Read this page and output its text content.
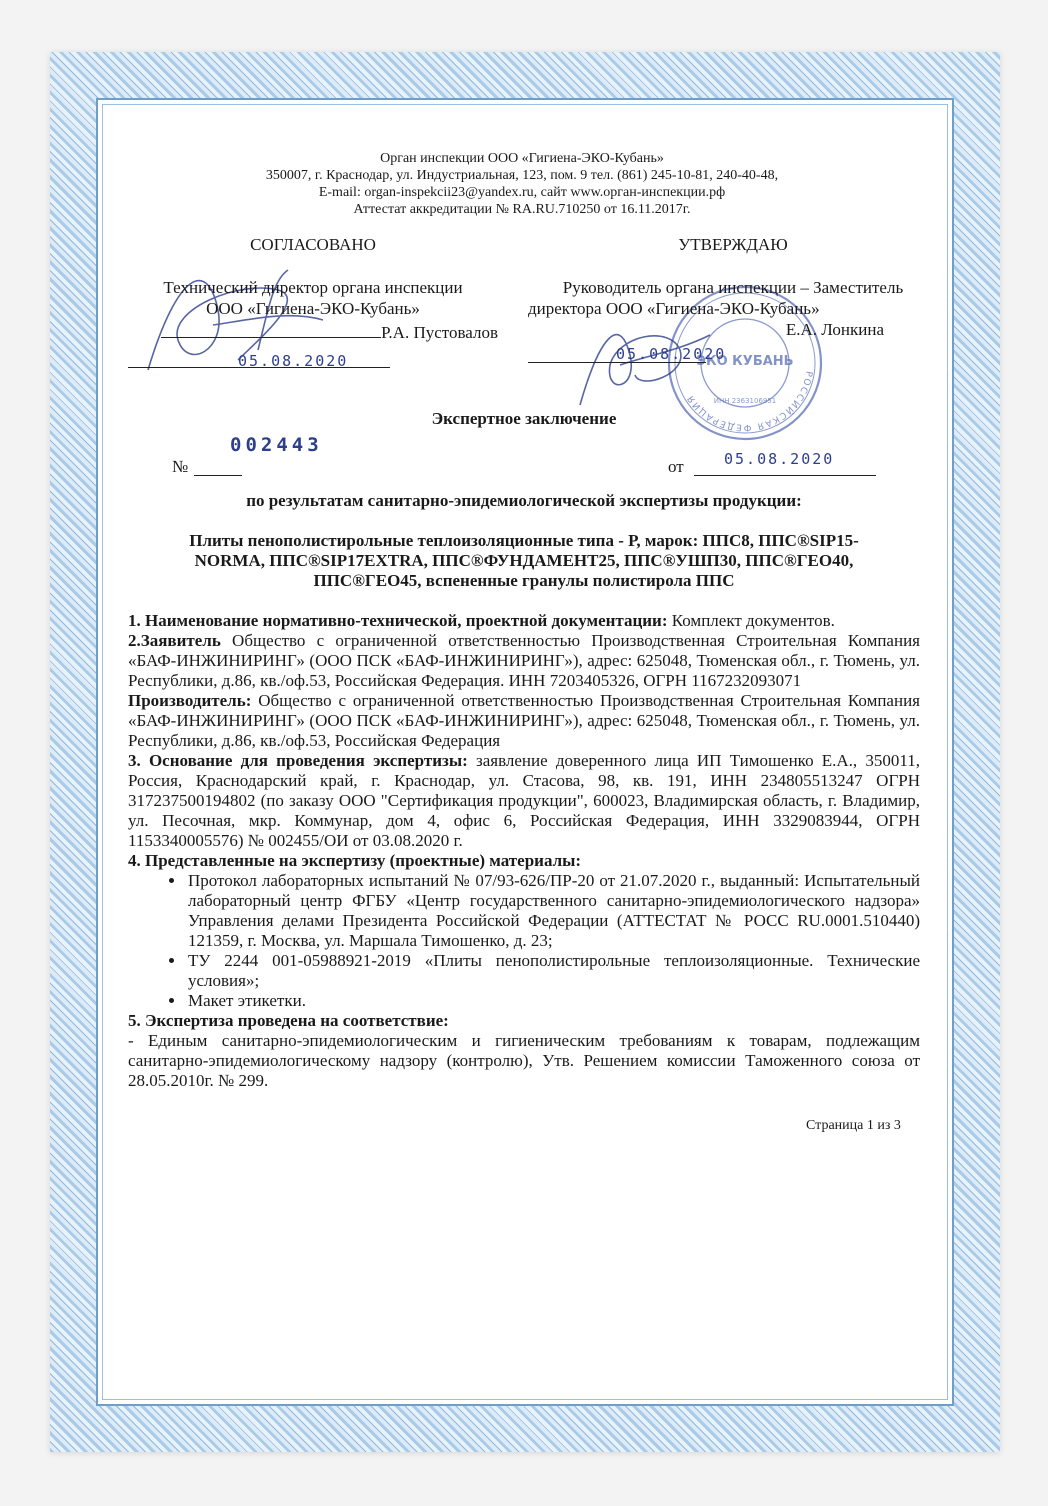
РОССИЙСКАЯ ФЕДЕРАЦИЯ
ЭКО КУБАНЬ
ИНН 2363106951
Орган инспекции ООО «Гигиена-ЭКО-Кубань»
350007, г. Краснодар, ул. Индустриальная, 123, пом. 9 тел. (861) 245-10-81, 240-40-48,
E-mail: organ-inspekcii23@yandex.ru, сайт www.орган-инспекции.рф
Аттестат аккредитации № RA.RU.710250 от 16.11.2017г.
СОГЛАСОВАНО
Технический директор органа инспекции
ООО «Гигиена-ЭКО-Кубань»
Р.А. Пустовалов
05.08.2020
УТВЕРЖДАЮ
Руководитель органа инспекции – Заместитель
директора ООО «Гигиена-ЭКО-Кубань»
Е.А. Лонкина
05.08.2020
Экспертное заключение
002443
№	от	05.08.2020
по результатам санитарно-эпидемиологической экспертизы продукции:
Плиты пенополистирольные теплоизоляционные типа - Р, марок: ППС8, ППС®SIP15-
NORMA, ППС®SIP17EXTRA, ППС®ФУНДАМЕНТ25, ППС®УШП30, ППС®ГЕО40,
ППС®ГЕО45, вспененные гранулы полистирола ППС

1. Наименование нормативно-технической, проектной документации: Комплект документов.

2.Заявитель Общество с ограниченной ответственностью Производственная Строительная Компания «БАФ-ИНЖИНИРИНГ» (ООО ПСК «БАФ-ИНЖИНИРИНГ»), адрес: 625048, Тюменская обл., г. Тюмень, ул. Республики, д.86, кв./оф.53, Российская Федерация. ИНН 7203405326, ОГРН 1167232093071

Производитель: Общество с ограниченной ответственностью Производственная Строительная Компания «БАФ-ИНЖИНИРИНГ» (ООО ПСК «БАФ-ИНЖИНИРИНГ»), адрес: 625048, Тюменская обл., г. Тюмень, ул. Республики, д.86, кв./оф.53, Российская Федерация

3. Основание для проведения экспертизы: заявление доверенного лица ИП Тимошенко Е.А., 350011, Россия, Краснодарский край, г. Краснодар, ул. Стасова, 98, кв. 191, ИНН 234805513247 ОГРН 317237500194802 (по заказу ООО "Сертификация продукции", 600023, Владимирская область, г. Владимир, ул. Песочная, мкр. Коммунар, дом 4, офис 6, Российская Федерация, ИНН 3329083944, ОГРН 1153340005576) № 002455/ОИ от 03.08.2020 г.

4. Представленные на экспертизу (проектные) материалы:

• Протокол лабораторных испытаний № 07/93-626/ПР-20 от 21.07.2020 г., выданный: Испытательный лабораторный центр ФГБУ «Центр государственного санитарно-эпидемиологического надзора» Управления делами Президента Российской Федерации (АТТЕСТАТ № РОСС RU.0001.510440) 121359, г. Москва, ул. Маршала Тимошенко, д. 23;
• ТУ 2244 001-05988921-2019 «Плиты пенополистирольные теплоизоляционные. Технические условия»;
• Макет этикетки.

5. Экспертиза проведена на соответствие:

- Единым санитарно-эпидемиологическим и гигиеническим требованиям к товарам, подлежащим санитарно-эпидемиологическому надзору (контролю), Утв. Решением комиссии Таможенного союза от 28.05.2010г. № 299.

Страница 1 из 3
